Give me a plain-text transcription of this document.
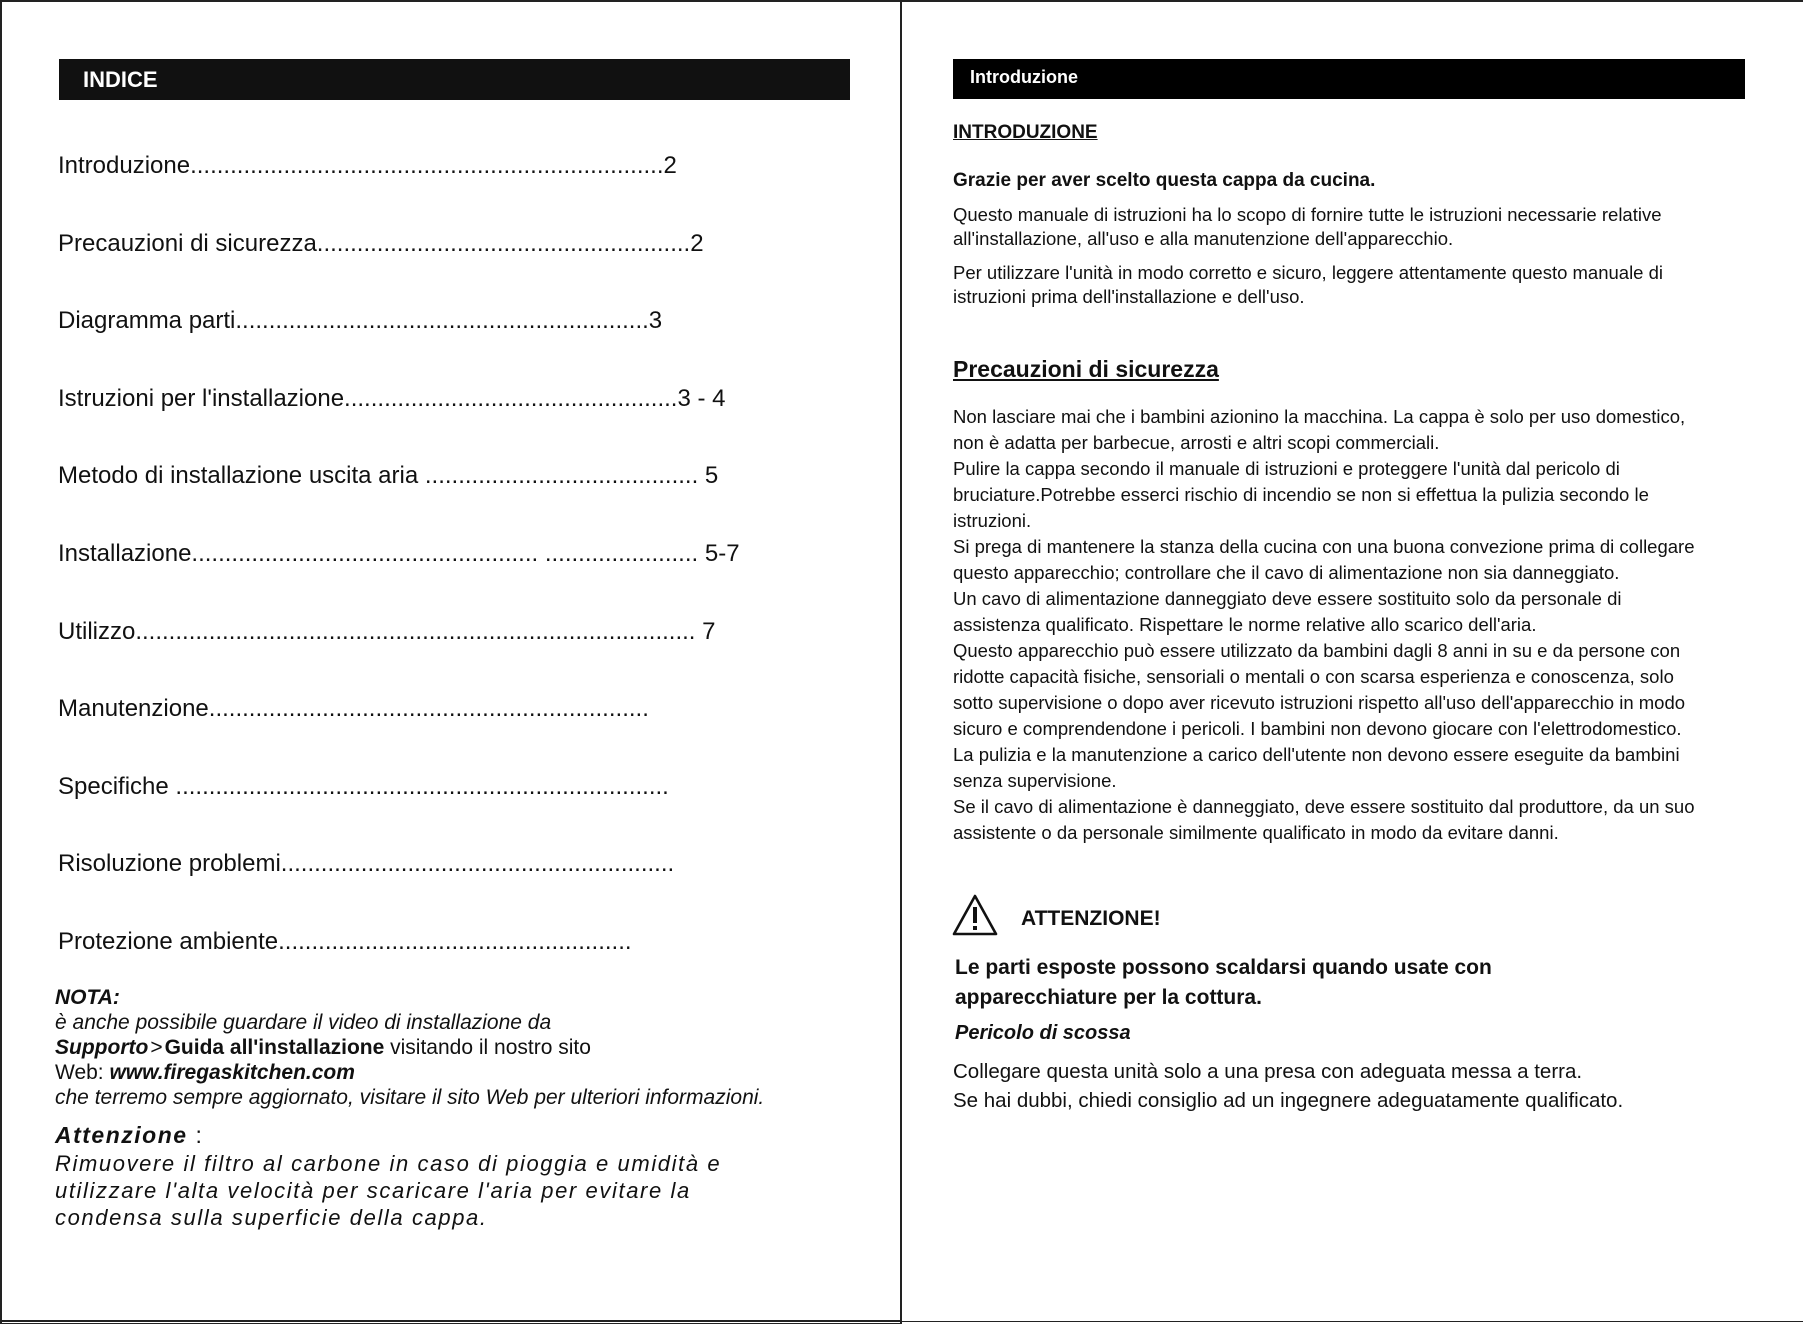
INDICE
Introduzione.......................................................................2
Precauzioni di sicurezza........................................................2
Diagramma parti..............................................................3
Istruzioni per l'installazione..................................................3 - 4
Metodo di installazione uscita aria ......................................... 5
Installazione.................................................... ....................... 5-7
Utilizzo.................................................................................... 7
Manutenzione..................................................................
Specifiche ..........................................................................
Risoluzione problemi...........................................................
Protezione ambiente.....................................................
NOTA:
è anche possibile guardare il video di installazione da
Supporto>Guida all'installazione visitando il nostro sito
Web: www.firegaskitchen.com
che terremo sempre aggiornato, visitare il sito Web per ulteriori informazioni.
Attenzione :
Rimuovere il filtro al carbone in caso di pioggia e umidità e
utilizzare l'alta velocità per scaricare l'aria per evitare la
condensa sulla superficie della cappa.
Introduzione
INTRODUZIONE
Grazie per aver scelto questa cappa da cucina.
Questo manuale di istruzioni ha lo scopo di fornire tutte le istruzioni necessarie relative
all'installazione, all'uso e alla manutenzione dell'apparecchio.
Per utilizzare l'unità in modo corretto e sicuro, leggere attentamente questo manuale di
istruzioni prima dell'installazione e dell'uso.
Precauzioni di sicurezza
Non lasciare mai che i bambini azionino la macchina. La cappa è solo per uso domestico,
non è adatta per barbecue, arrosti e altri scopi commerciali.
Pulire la cappa secondo il manuale di istruzioni e proteggere l'unità dal pericolo di
bruciature.Potrebbe esserci rischio di incendio se non si effettua la pulizia secondo le
istruzioni.
Si prega di mantenere la stanza della cucina con una buona convezione prima di collegare
questo apparecchio; controllare che il cavo di alimentazione non sia danneggiato.
Un cavo di alimentazione danneggiato deve essere sostituito solo da personale di
assistenza qualificato. Rispettare le norme relative allo scarico dell'aria.
Questo apparecchio può essere utilizzato da bambini dagli 8 anni in su e da persone con
ridotte capacità fisiche, sensoriali o mentali o con scarsa esperienza e conoscenza, solo
sotto supervisione o dopo aver ricevuto istruzioni rispetto all'uso dell'apparecchio in modo
sicuro e comprendendone i pericoli. I bambini non devono giocare con l'elettrodomestico.
La pulizia e la manutenzione a carico dell'utente non devono essere eseguite da bambini
senza supervisione.
Se il cavo di alimentazione è danneggiato, deve essere sostituito dal produttore, da un suo
assistente o da personale similmente qualificato in modo da evitare danni.
ATTENZIONE!
Le parti esposte possono scaldarsi quando usate con
apparecchiature per la cottura.
Pericolo di scossa
Collegare questa unità solo a una presa con adeguata messa a terra.
Se hai dubbi, chiedi consiglio ad un ingegnere adeguatamente qualificato.
